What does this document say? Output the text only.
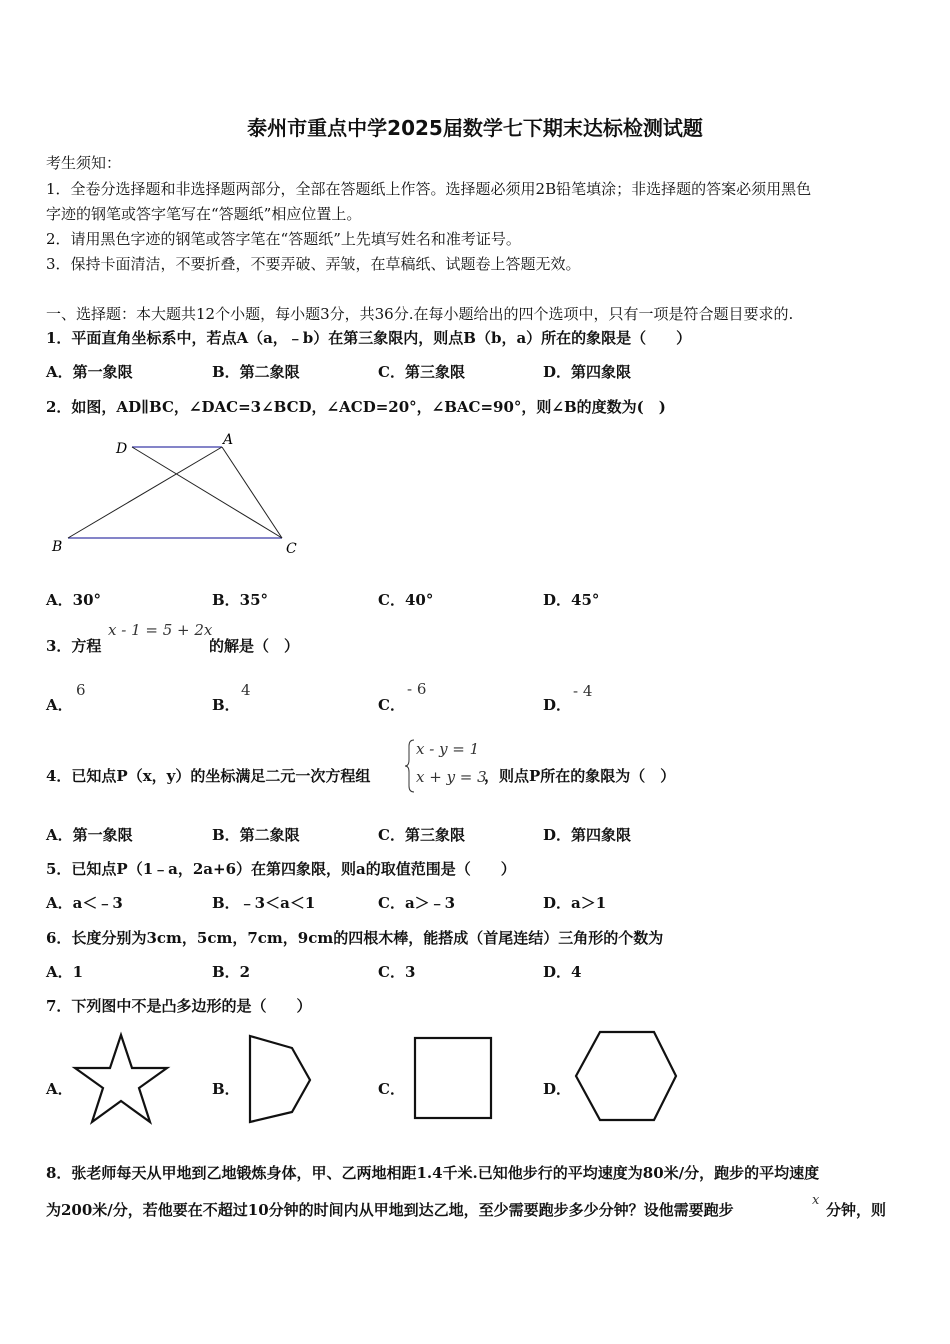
泰州市重点中学2025届数学七下期末达标检测试题
考生须知：
1．全卷分选择题和非选择题两部分，全部在答题纸上作答。选择题必须用2B铅笔填涂；非选择题的答案必须用黑色
字迹的钢笔或答字笔写在“答题纸”相应位置上。
2．请用黑色字迹的钢笔或答字笔在“答题纸”上先填写姓名和准考证号。
3．保持卡面清洁，不要折叠，不要弄破、弄皱，在草稿纸、试题卷上答题无效。
一、选择题：本大题共12个小题，每小题3分，共36分.在每小题给出的四个选项中，只有一项是符合题目要求的.
1．平面直角坐标系中，若点A（a，﹣b）在第三象限内，则点B（b，a）所在的象限是（　　）
A．第一象限	B．第二象限	C．第三象限	D．第四象限
2．如图，AD∥BC，∠DAC=3∠BCD，∠ACD=20°，∠BAC=90°，则∠B的度数为(　)
D
A
B	C
A．30°	B．35°	C．40°	D．45°
3．方程
x - 1 = 5 + 2x
的解是（　）
A．
6
B．
4
C．
- 6
D．
- 4
4．已知点P（x，y）的坐标满足二元一次方程组
x - y = 1
x + y = 3
，则点P所在的象限为（　）
A．第一象限	B．第二象限	C．第三象限	D．第四象限
5．已知点P（1﹣a，2a+6）在第四象限，则a的取值范围是（　　）
A．a＜﹣3	B．﹣3＜a＜1	C．a＞﹣3	D．a＞1
6．长度分别为3cm，5cm，7cm，9cm的四根木棒，能搭成（首尾连结）三角形的个数为
A．1	B．2	C．3	D．4
7．下列图中不是凸多边形的是（　　）
A．	B．	C．	D．
8．张老师每天从甲地到乙地锻炼身体，甲、乙两地相距1.4千米.已知他步行的平均速度为80米/分，跑步的平均速度
为200米/分，若他要在不超过10分钟的时间内从甲地到达乙地，至少需要跑步多少分钟？设他需要跑步
x
分钟，则
